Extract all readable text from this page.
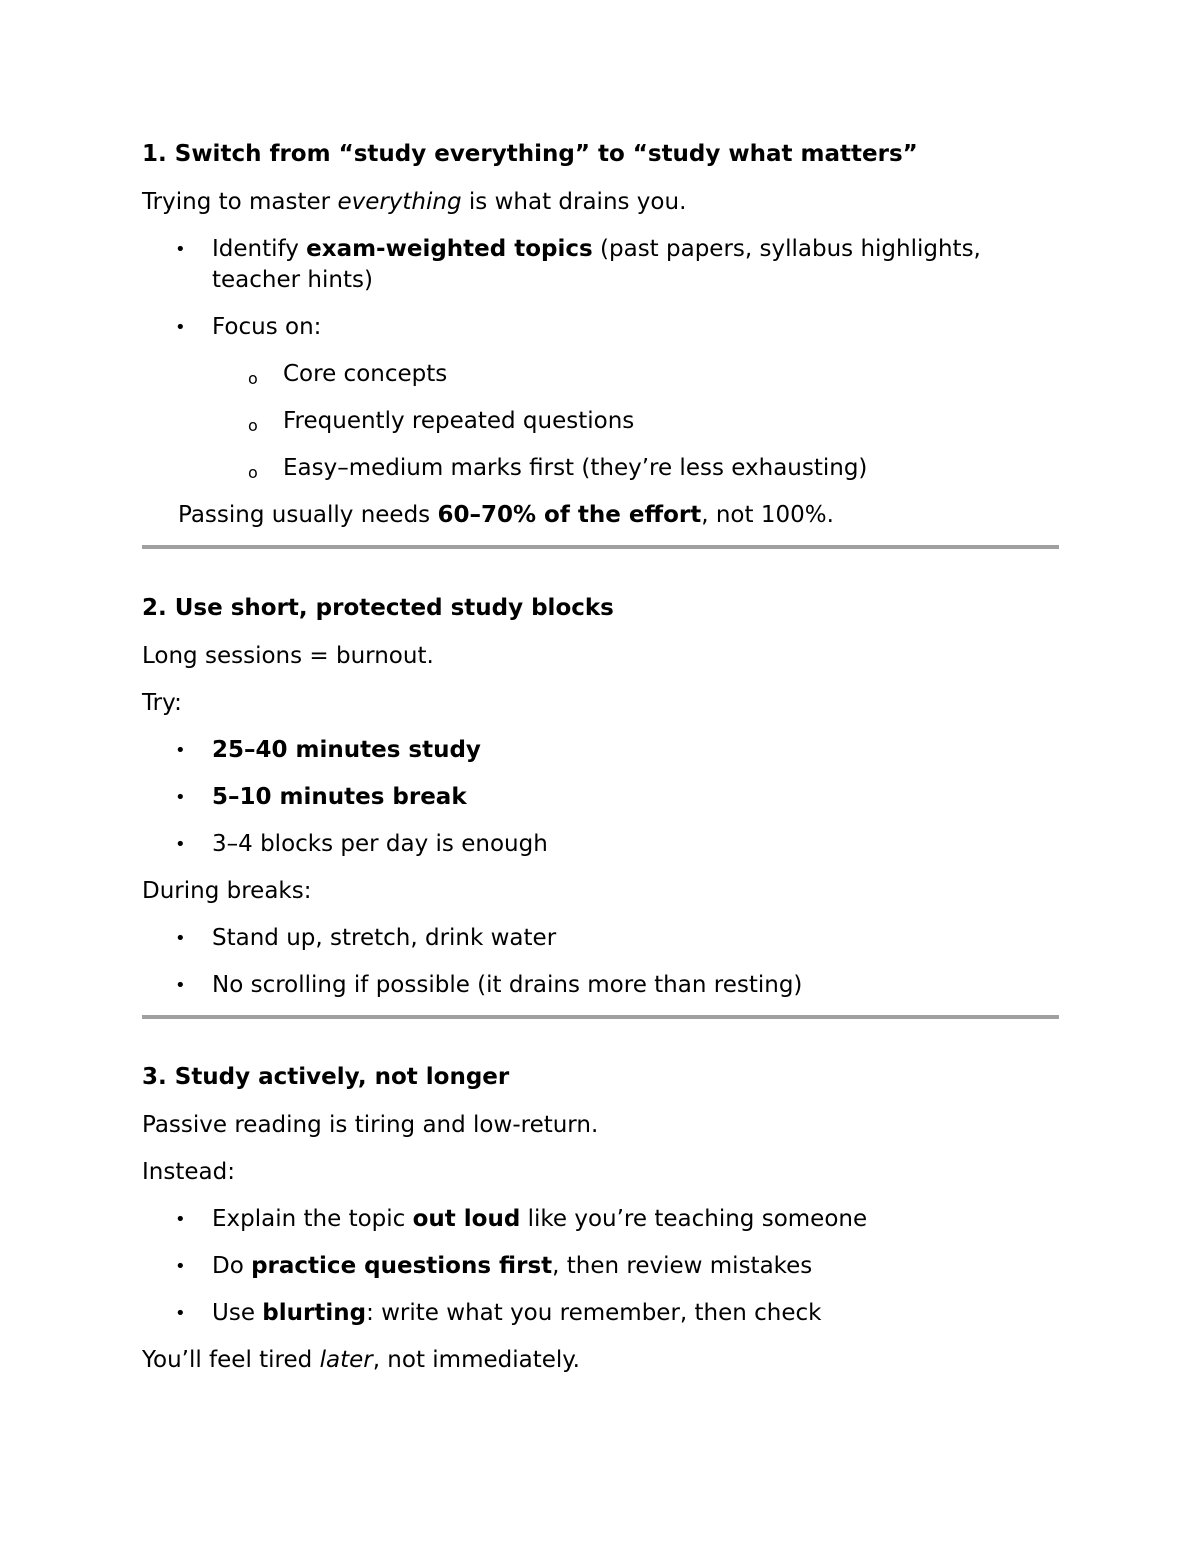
1. Switch from “study everything” to “study what matters”

Trying to master everything is what drains you.

• Identify exam-weighted topics (past papers, syllabus highlights, teacher hints)
• Focus on:
o Core concepts
o Frequently repeated questions
o Easy–medium marks first (they’re less exhausting)

Passing usually needs 60–70% of the effort, not 100%.

2. Use short, protected study blocks

Long sessions = burnout.

Try:

• 25–40 minutes study
• 5–10 minutes break
• 3–4 blocks per day is enough

During breaks:

• Stand up, stretch, drink water
• No scrolling if possible (it drains more than resting)

3. Study actively, not longer

Passive reading is tiring and low-return.

Instead:

• Explain the topic out loud like you’re teaching someone
• Do practice questions first, then review mistakes
• Use blurting: write what you remember, then check

You’ll feel tired later, not immediately.
